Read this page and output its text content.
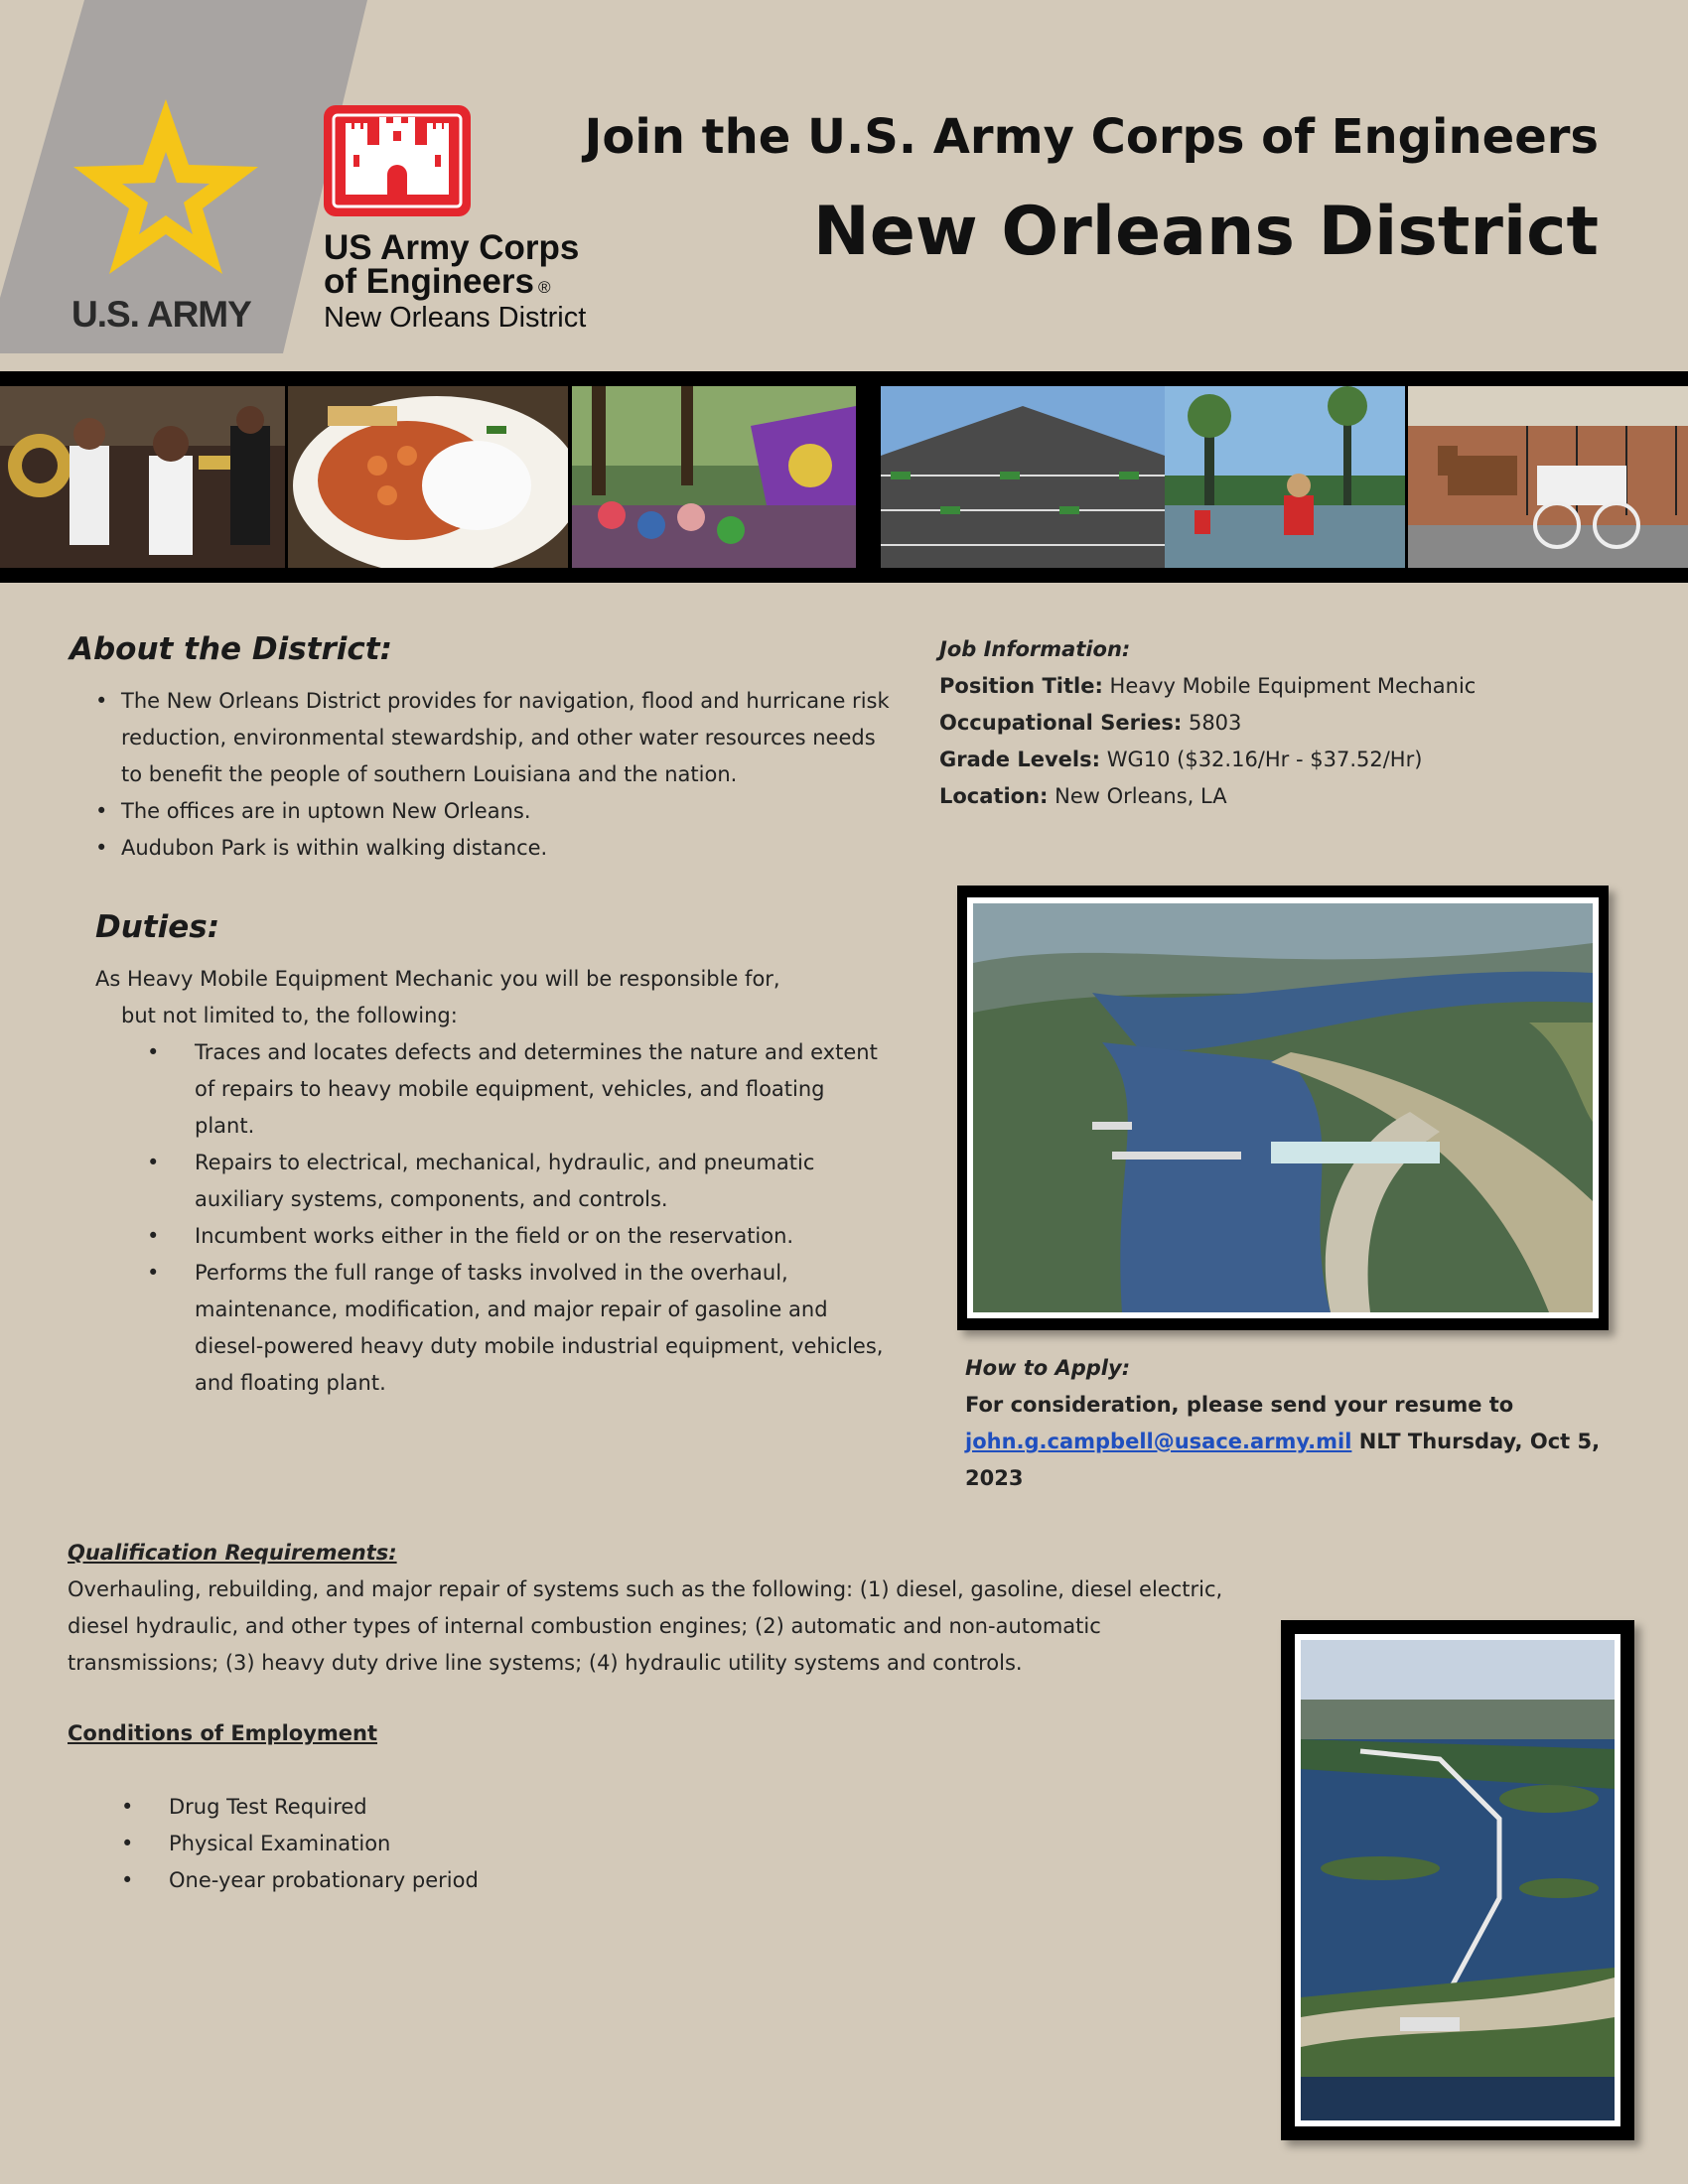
U.S. ARMY
US Army Corps
of Engineers ®
New Orleans District
Join the U.S. Army Corps of Engineers
New Orleans District
About the District:
• The New Orleans District provides for navigation, flood and hurricane risk reduction, environmental stewardship, and other water resources needs to benefit the people of southern Louisiana and the nation.
• The offices are in uptown New Orleans.
• Audubon Park is within walking distance.
Job Information:
Position Title: Heavy Mobile Equipment Mechanic
Occupational Series: 5803
Grade Levels: WG10 ($32.16/Hr - $37.52/Hr)
Location: New Orleans, LA
Duties:
As Heavy Mobile Equipment Mechanic you will be responsible for,
but not limited to, the following:
• Traces and locates defects and determines the nature and extent of repairs to heavy mobile equipment, vehicles, and floating plant.
• Repairs to electrical, mechanical, hydraulic, and pneumatic auxiliary systems, components, and controls.
• Incumbent works either in the field or on the reservation.
• Performs the full range of tasks involved in the overhaul, maintenance, modification, and major repair of gasoline and diesel-powered heavy duty mobile industrial equipment, vehicles, and floating plant.
How to Apply:
For consideration, please send your resume to
john.g.campbell@usace.army.mil NLT Thursday, Oct 5, 2023
Qualification Requirements:
Overhauling, rebuilding, and major repair of systems such as the following: (1) diesel, gasoline, diesel electric, diesel hydraulic, and other types of internal combustion engines; (2) automatic and non-automatic transmissions; (3) heavy duty drive line systems; (4) hydraulic utility systems and controls.
Conditions of Employment
• Drug Test Required
• Physical Examination
• One-year probationary period
